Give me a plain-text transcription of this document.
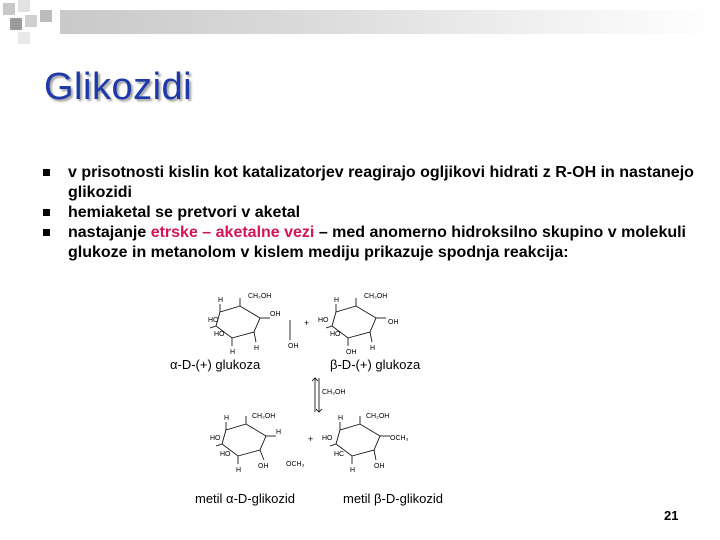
Glikozidi
v prisotnosti kislin kot katalizatorjev reagirajo ogljikovi hidrati z R-OH in nastanejo glikozidi
hemiaketal se pretvori v aketal
nastajanje etrske – aketalne vezi – med anomerno hidroksilno skupino v molekuli glukoze in metanolom v kislem mediju prikazuje spodnja reakcija:
H
CH₂OH
HO
HO
OH
H
H	OH
+
H
CH₂OH
HO
HO
OH
OH
H
CH₃OH
H	CH₂OH
HO
HO
H
H
OH	OCH₃
+
H	CH₂OH
HO
HC
OCH₃
H
OH
α-D-(+) glukoza	β-D-(+) glukoza
metil α-D-glikozid	metil β-D-glikozid
21
